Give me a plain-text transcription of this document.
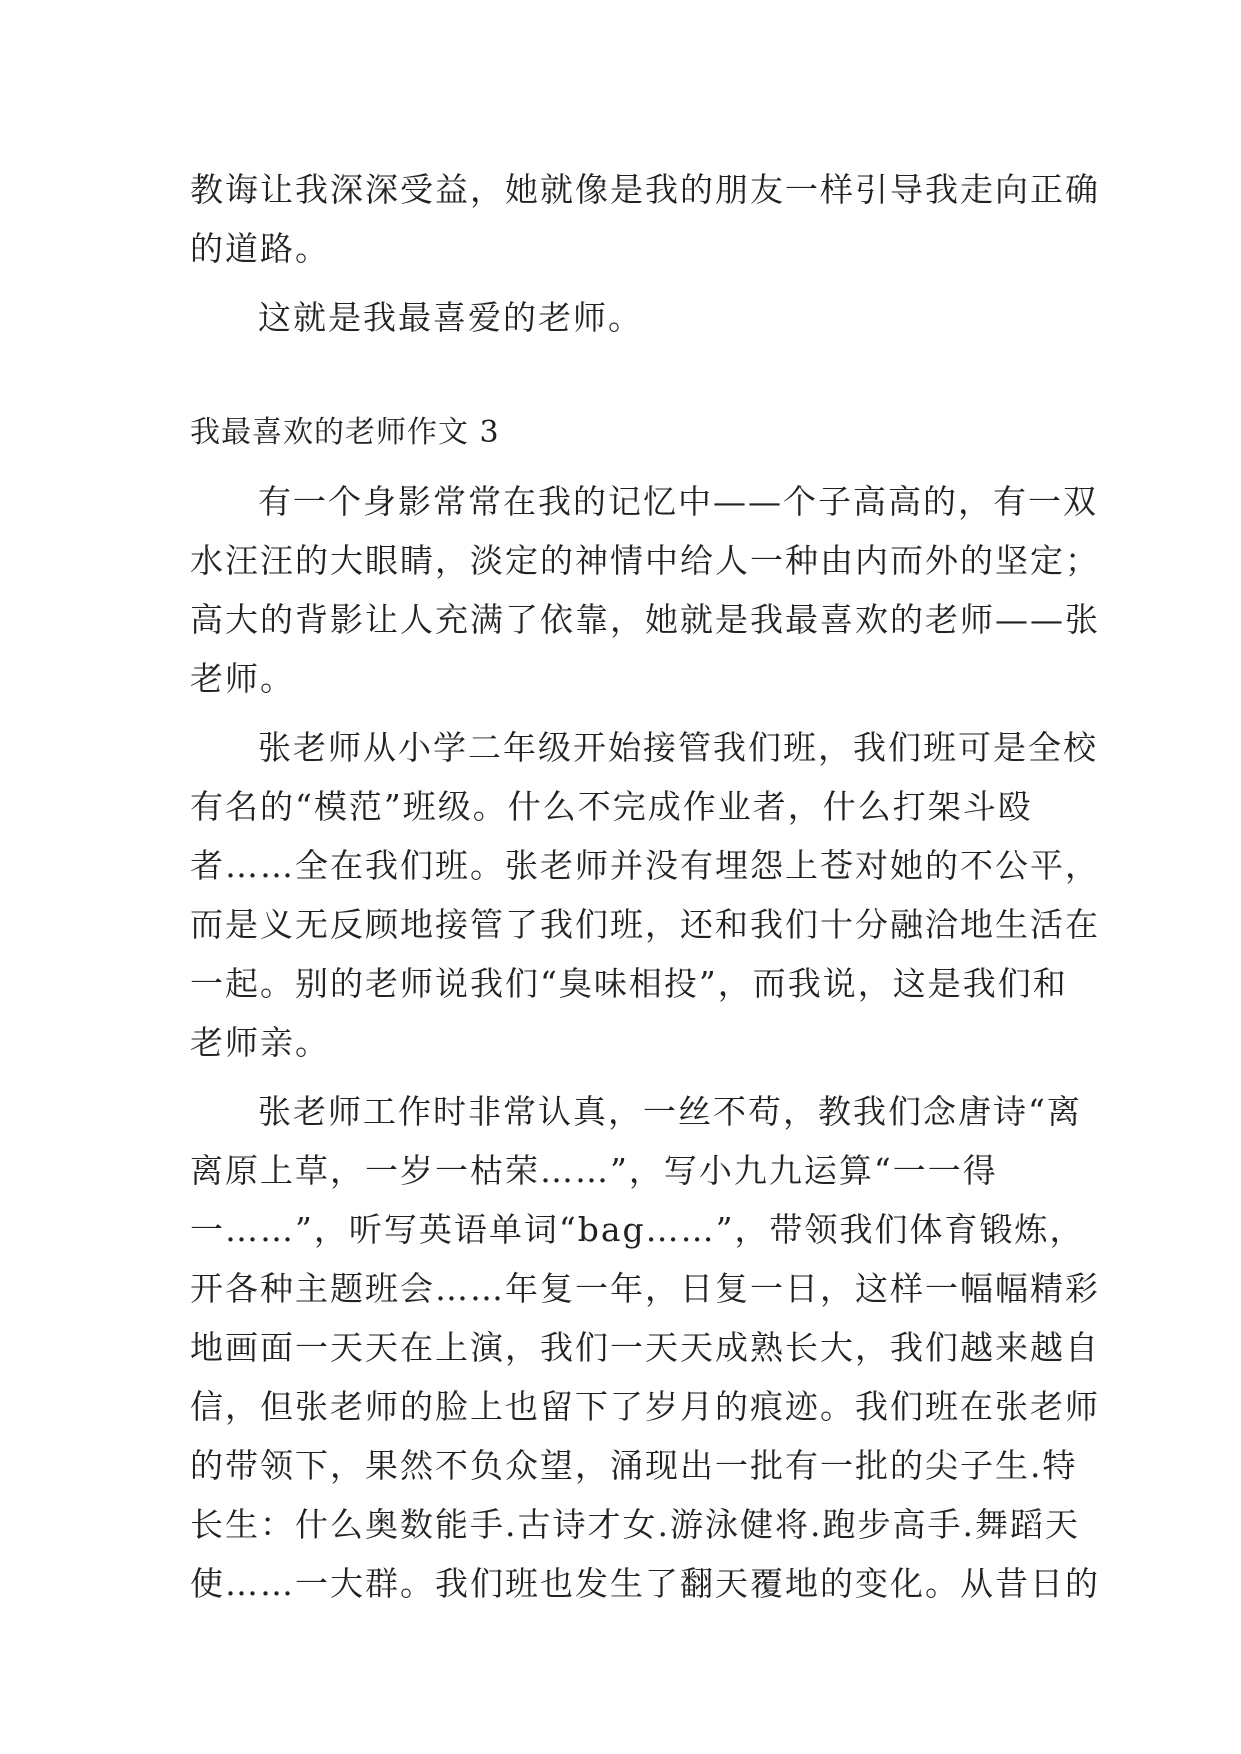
教诲让我深深受益，她就像是我的朋友一样引导我走向正确
的道路。
这就是我最喜爱的老师。
我最喜欢的老师作文 3
有一个身影常常在我的记忆中——个子高高的，有一双
水汪汪的大眼睛，淡定的神情中给人一种由内而外的坚定；
高大的背影让人充满了依靠，她就是我最喜欢的老师——张
老师。
张老师从小学二年级开始接管我们班，我们班可是全校
有名的“模范”班级。什么不完成作业者，什么打架斗殴
者……全在我们班。张老师并没有埋怨上苍对她的不公平，
而是义无反顾地接管了我们班，还和我们十分融洽地生活在
一起。别的老师说我们“臭味相投”，而我说，这是我们和
老师亲。
张老师工作时非常认真，一丝不苟，教我们念唐诗“离
离原上草，一岁一枯荣……”，写小九九运算“一一得
一……”，听写英语单词“bag……”，带领我们体育锻炼，
开各种主题班会……年复一年，日复一日，这样一幅幅精彩
地画面一天天在上演，我们一天天成熟长大，我们越来越自
信，但张老师的脸上也留下了岁月的痕迹。我们班在张老师
的带领下，果然不负众望，涌现出一批有一批的尖子生.特
长生：什么奥数能手.古诗才女.游泳健将.跑步高手.舞蹈天
使……一大群。我们班也发生了翻天覆地的变化。从昔日的
